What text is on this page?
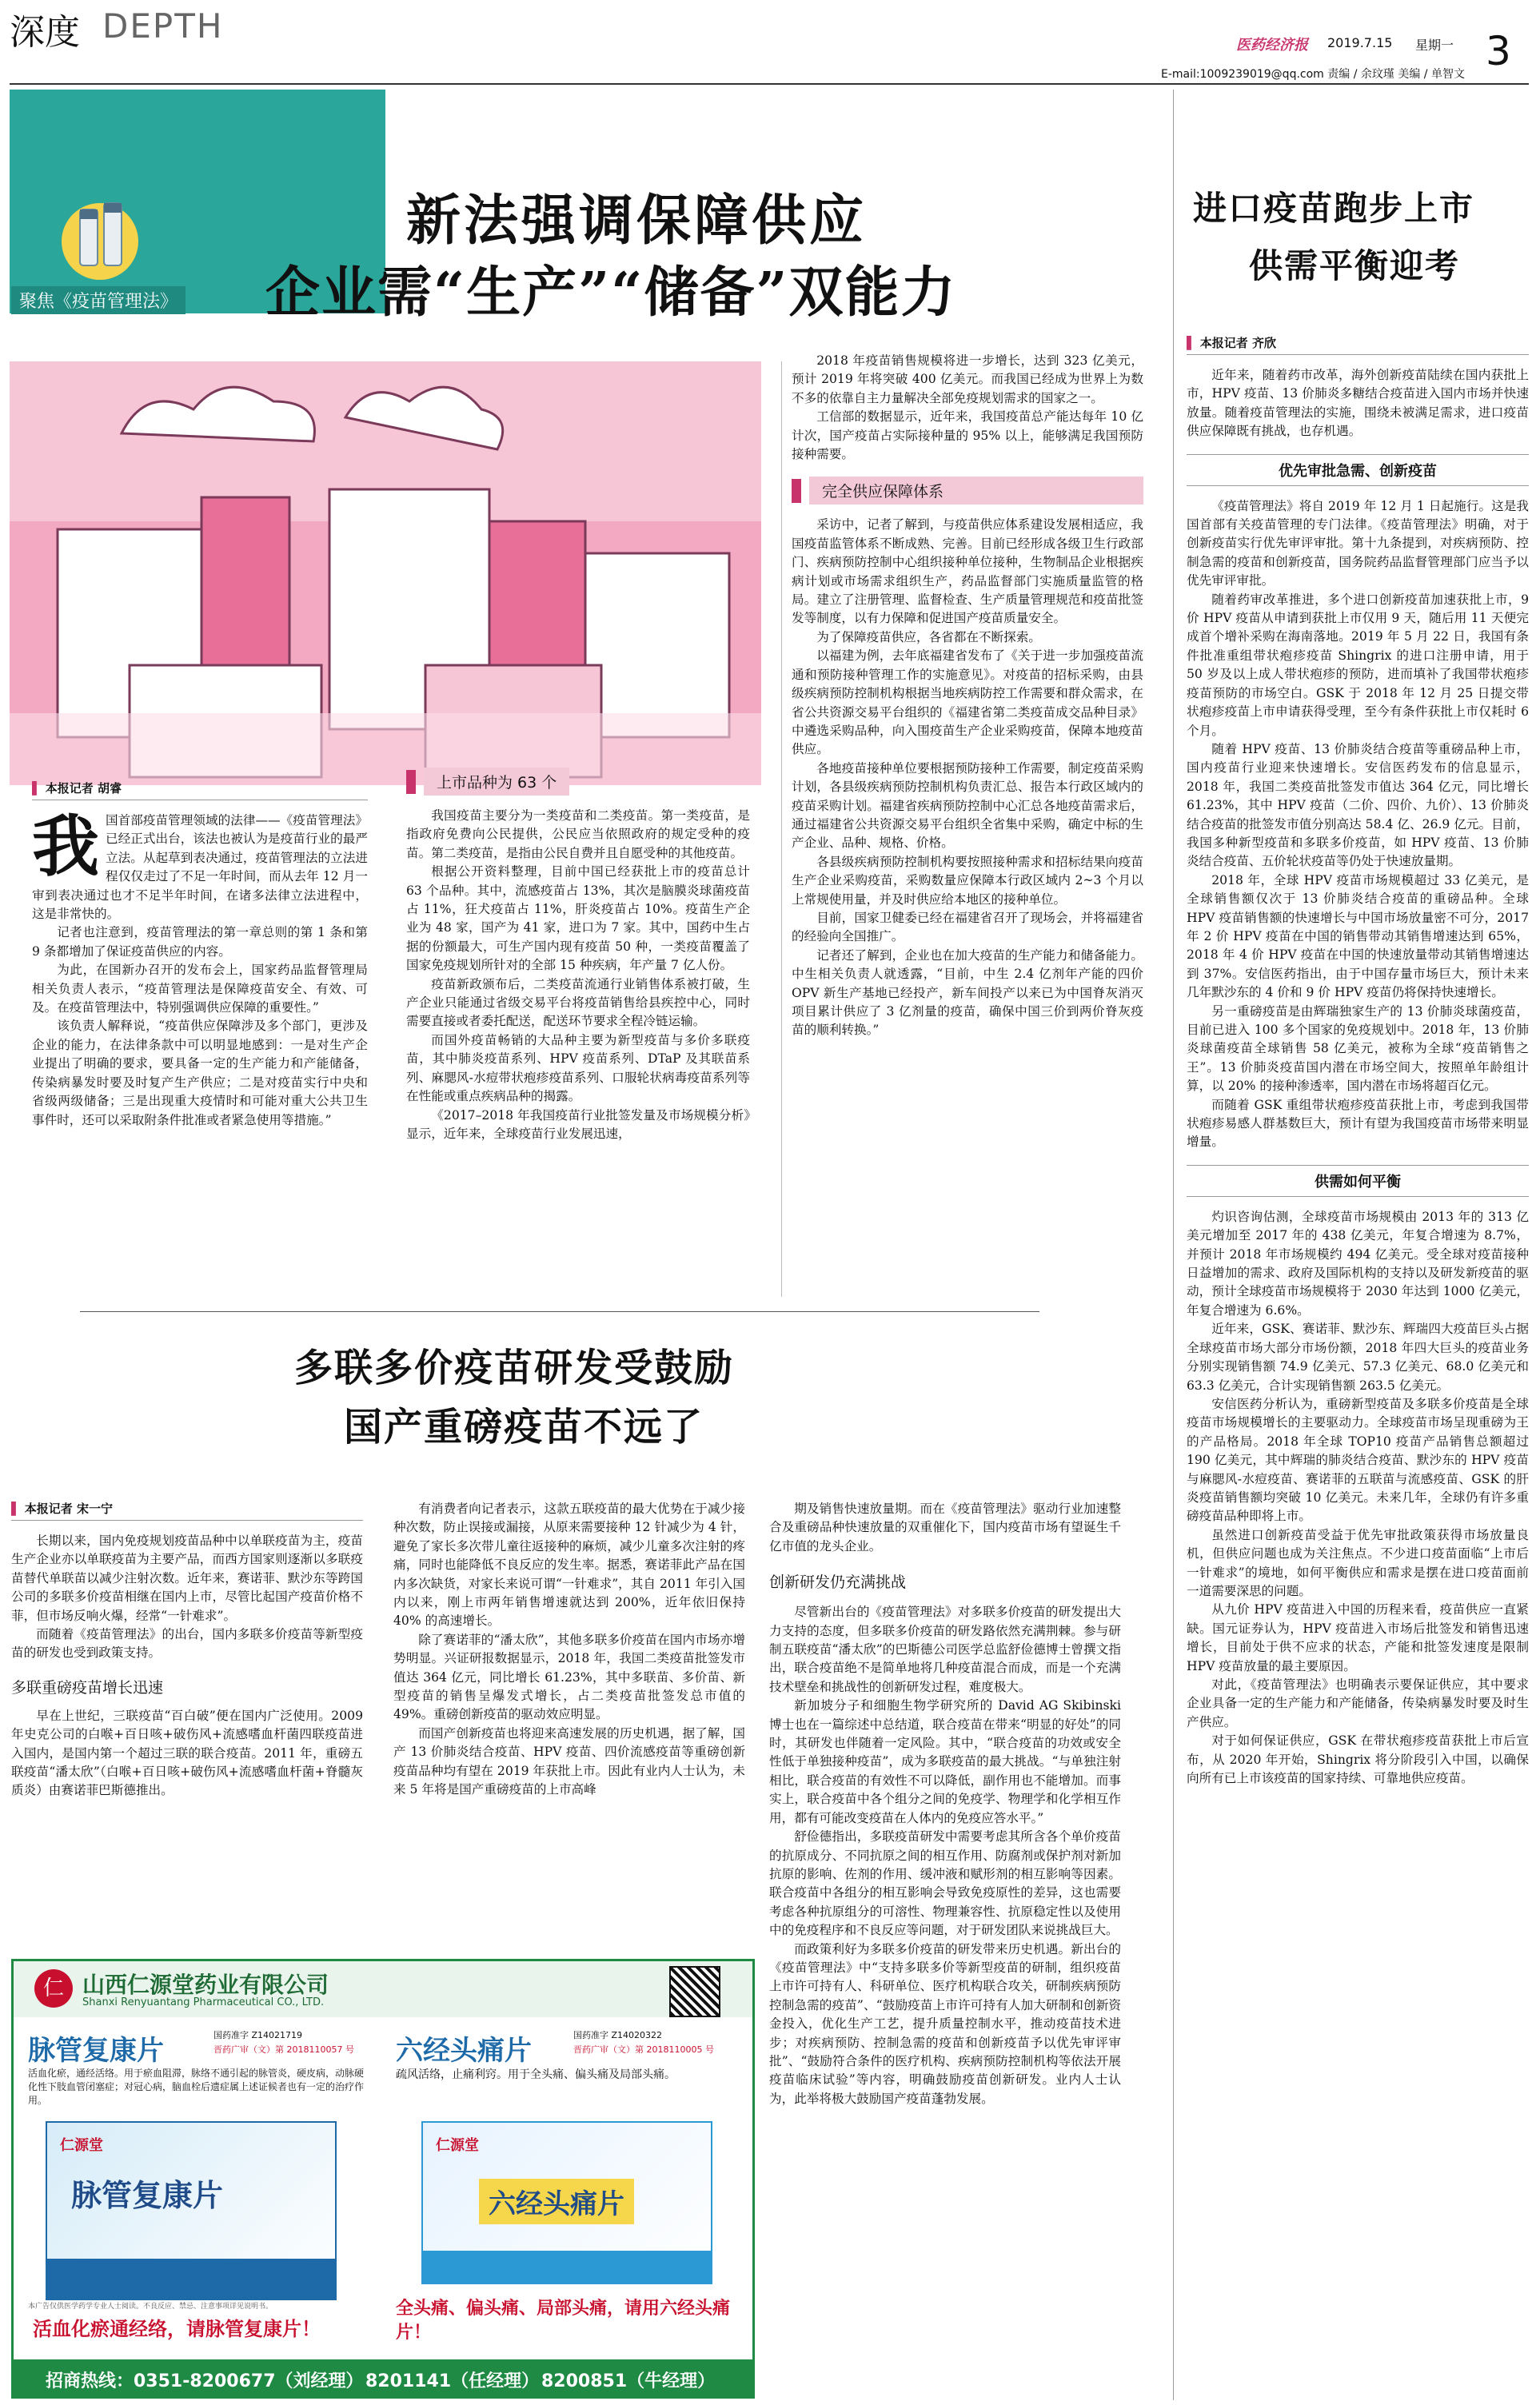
深度 DEPTH	医药经济报 2019.7.15 星期一 3
E-mail:1009239019@qq.com 责编 / 余玟瑾 美编 / 单智文
聚焦《疫苗管理法》
新法强调保障供应
企业需“生产”“储备”双能力
▌ 本报记者 胡睿
我 国首部疫苗管理领域的法律——《疫苗管理法》已经正式出台，该法也被认为是疫苗行业的最严立法。从起草到表决通过，疫苗管理法的立法进程仅仅走过了不足一年时间，而从去年 12 月一审到表决通过也才不足半年时间，在诸多法律立法进程中，这是非常快的。

记者也注意到，疫苗管理法的第一章总则的第 1 条和第 9 条都增加了保证疫苗供应的内容。

为此，在国新办召开的发布会上，国家药品监督管理局相关负责人表示，“疫苗管理法是保障疫苗安全、有效、可及。在疫苗管理法中，特别强调供应保障的重要性。”

该负责人解释说，“疫苗供应保障涉及多个部门，更涉及企业的能力，在法律条款中可以明显地感到：一是对生产企业提出了明确的要求，要具备一定的生产能力和产能储备，传染病暴发时要及时复产生产供应；二是对疫苗实行中央和省级两级储备；三是出现重大疫情时和可能对重大公共卫生事件时，还可以采取附条件批准或者紧急使用等措施。”

上市品种为 63 个

我国疫苗主要分为一类疫苗和二类疫苗。第一类疫苗，是指政府免费向公民提供，公民应当依照政府的规定受种的疫苗。第二类疫苗，是指由公民自费并且自愿受种的其他疫苗。

根据公开资料整理，目前中国已经获批上市的疫苗总计 63 个品种。其中，流感疫苗占 13%，其次是脑膜炎球菌疫苗占 11%，狂犬疫苗占 11%，肝炎疫苗占 10%。疫苗生产企业为 48 家，国产为 41 家，进口为 7 家。其中，国药中生占据的份额最大，可生产国内现有疫苗 50 种，一类疫苗覆盖了国家免疫规划所针对的全部 15 种疾病，年产量 7 亿人份。

疫苗新政颁布后，二类疫苗流通行业销售体系被打破，生产企业只能通过省级交易平台将疫苗销售给县疾控中心，同时需要直接或者委托配送，配送环节要求全程冷链运输。

而国外疫苗畅销的大品种主要为新型疫苗与多价多联疫苗，其中肺炎疫苗系列、HPV 疫苗系列、DTaP 及其联苗系列、麻腮风-水痘带状疱疹疫苗系列、口服轮状病毒疫苗系列等在性能或重点疾病品种的揭露。

《2017–2018 年我国疫苗行业批签发量及市场规模分析》显示，近年来，全球疫苗行业发展迅速，

2018 年疫苗销售规模将进一步增长，达到 323 亿美元，预计 2019 年将突破 400 亿美元。而我国已经成为世界上为数不多的依靠自主力量解决全部免疫规划需求的国家之一。

工信部的数据显示，近年来，我国疫苗总产能达每年 10 亿计次，国产疫苗占实际接种量的 95% 以上，能够满足我国预防接种需要。

完全供应保障体系

采访中，记者了解到，与疫苗供应体系建设发展相适应，我国疫苗监管体系不断成熟、完善。目前已经形成各级卫生行政部门、疾病预防控制中心组织接种单位接种，生物制品企业根据疾病计划或市场需求组织生产，药品监督部门实施质量监管的格局。建立了注册管理、监督检查、生产质量管理规范和疫苗批签发等制度，以有力保障和促进国产疫苗质量安全。

为了保障疫苗供应，各省都在不断探索。

以福建为例，去年底福建省发布了《关于进一步加强疫苗流通和预防接种管理工作的实施意见》。对疫苗的招标采购，由县级疾病预防控制机构根据当地疾病防控工作需要和群众需求，在省公共资源交易平台组织的《福建省第二类疫苗成交品种目录》中遴选采购品种，向入围疫苗生产企业采购疫苗，保障本地疫苗供应。

各地疫苗接种单位要根据预防接种工作需要，制定疫苗采购计划，各县级疾病预防控制机构负责汇总、报告本行政区域内的疫苗采购计划。福建省疾病预防控制中心汇总各地疫苗需求后，通过福建省公共资源交易平台组织全省集中采购，确定中标的生产企业、品种、规格、价格。

各县级疾病预防控制机构要按照接种需求和招标结果向疫苗生产企业采购疫苗，采购数量应保障本行政区域内 2~3 个月以上常规使用量，并及时供应给本地区的接种单位。

目前，国家卫健委已经在福建省召开了现场会，并将福建省的经验向全国推广。

记者还了解到，企业也在加大疫苗的生产能力和储备能力。中生相关负责人就透露，“目前，中生 2.4 亿剂年产能的四价 OPV 新生产基地已经投产，新车间投产以来已为中国脊灰消灭项目累计供应了 3 亿剂量的疫苗，确保中国三价到两价脊灰疫苗的顺利转换。”

进口疫苗跑步上市
供需平衡迎考
▌ 本报记者 齐欣

近年来，随着药市改革，海外创新疫苗陆续在国内获批上市，HPV 疫苗、13 价肺炎多糖结合疫苗进入国内市场并快速放量。随着疫苗管理法的实施，围绕未被满足需求，进口疫苗供应保障既有挑战，也存机遇。

优先审批急需、创新疫苗

《疫苗管理法》将自 2019 年 12 月 1 日起施行。这是我国首部有关疫苗管理的专门法律。《疫苗管理法》明确，对于创新疫苗实行优先审评审批。第十九条提到，对疾病预防、控制急需的疫苗和创新疫苗，国务院药品监督管理部门应当予以优先审评审批。

随着药审改革推进，多个进口创新疫苗加速获批上市，9 价 HPV 疫苗从申请到获批上市仅用 9 天，随后用 11 天便完成首个增补采购在海南落地。2019 年 5 月 22 日，我国有条件批准重组带状疱疹疫苗 Shingrix 的进口注册申请，用于 50 岁及以上成人带状疱疹的预防，进而填补了我国带状疱疹疫苗预防的市场空白。GSK 于 2018 年 12 月 25 日提交带状疱疹疫苗上市申请获得受理，至今有条件获批上市仅耗时 6 个月。

随着 HPV 疫苗、13 价肺炎结合疫苗等重磅品种上市，国内疫苗行业迎来快速增长。安信医药发布的信息显示，2018 年，我国二类疫苗批签发市值达 364 亿元，同比增长 61.23%，其中 HPV 疫苗（二价、四价、九价）、13 价肺炎结合疫苗的批签发市值分别高达 58.4 亿、26.9 亿元。目前，我国多种新型疫苗和多联多价疫苗，如 HPV 疫苗、13 价肺炎结合疫苗、五价轮状疫苗等仍处于快速放量期。

2018 年，全球 HPV 疫苗市场规模超过 33 亿美元，是全球销售额仅次于 13 价肺炎结合疫苗的重磅品种。全球 HPV 疫苗销售额的快速增长与中国市场放量密不可分，2017 年 2 价 HPV 疫苗在中国的销售带动其销售增速达到 65%，2018 年 4 价 HPV 疫苗在中国的快速放量带动其销售增速达到 37%。安信医药指出，由于中国存量市场巨大，预计未来几年默沙东的 4 价和 9 价 HPV 疫苗仍将保持快速增长。

另一重磅疫苗是由辉瑞独家生产的 13 价肺炎球菌疫苗，目前已进入 100 多个国家的免疫规划中。2018 年，13 价肺炎球菌疫苗全球销售 58 亿美元，被称为全球“疫苗销售之王”。13 价肺炎疫苗国内潜在市场空间大，按照单年龄组计算，以 20% 的接种渗透率，国内潜在市场将超百亿元。

而随着 GSK 重组带状疱疹疫苗获批上市，考虑到我国带状疱疹易感人群基数巨大，预计有望为我国疫苗市场带来明显增量。

供需如何平衡

灼识咨询估测，全球疫苗市场规模由 2013 年的 313 亿美元增加至 2017 年的 438 亿美元，年复合增速为 8.7%，并预计 2018 年市场规模约 494 亿美元。受全球对疫苗接种日益增加的需求、政府及国际机构的支持以及研发新疫苗的驱动，预计全球疫苗市场规模将于 2030 年达到 1000 亿美元，年复合增速为 6.6%。

近年来，GSK、赛诺菲、默沙东、辉瑞四大疫苗巨头占据全球疫苗市场大部分市场份额，2018 年四大巨头的疫苗业务分别实现销售额 74.9 亿美元、57.3 亿美元、68.0 亿美元和 63.3 亿美元，合计实现销售额 263.5 亿美元。

安信医药分析认为，重磅新型疫苗及多联多价疫苗是全球疫苗市场规模增长的主要驱动力。全球疫苗市场呈现重磅为王的产品格局。2018 年全球 TOP10 疫苗产品销售总额超过 190 亿美元，其中辉瑞的肺炎结合疫苗、默沙东的 HPV 疫苗与麻腮风-水痘疫苗、赛诺菲的五联苗与流感疫苗、GSK 的肝炎疫苗销售额均突破 10 亿美元。未来几年，全球仍有许多重磅疫苗品种即将上市。

虽然进口创新疫苗受益于优先审批政策获得市场放量良机，但供应问题也成为关注焦点。不少进口疫苗面临“上市后一针难求”的境地，如何平衡供应和需求是摆在进口疫苗面前一道需要深思的问题。

从九价 HPV 疫苗进入中国的历程来看，疫苗供应一直紧缺。国元证券认为，HPV 疫苗进入市场后批签发和销售迅速增长，目前处于供不应求的状态，产能和批签发速度是限制 HPV 疫苗放量的最主要原因。

对此，《疫苗管理法》也明确表示要保证供应，其中要求企业具备一定的生产能力和产能储备，传染病暴发时要及时生产供应。

对于如何保证供应，GSK 在带状疱疹疫苗获批上市后宣布，从 2020 年开始，Shingrix 将分阶段引入中国，以确保向所有已上市该疫苗的国家持续、可靠地供应疫苗。

多联多价疫苗研发受鼓励
国产重磅疫苗不远了
▌ 本报记者 宋一宁

长期以来，国内免疫规划疫苗品种中以单联疫苗为主，疫苗生产企业亦以单联疫苗为主要产品，而西方国家则逐渐以多联疫苗替代单联苗以减少注射次数。近年来，赛诺菲、默沙东等跨国公司的多联多价疫苗相继在国内上市，尽管比起国产疫苗价格不菲，但市场反响火爆，经常“一针难求”。

而随着《疫苗管理法》的出台，国内多联多价疫苗等新型疫苗的研发也受到政策支持。

多联重磅疫苗增长迅速

早在上世纪，三联疫苗“百白破”便在国内广泛使用。2009 年史克公司的白喉+百日咳+破伤风+流感嗜血杆菌四联疫苗进入国内，是国内第一个超过三联的联合疫苗。2011 年，重磅五联疫苗“潘太欣”（白喉+百日咳+破伤风+流感嗜血杆菌+脊髓灰质炎）由赛诺菲巴斯德推出。

有消费者向记者表示，这款五联疫苗的最大优势在于减少接种次数，防止误接或漏接，从原来需要接种 12 针减少为 4 针，避免了家长多次带儿童往返接种的麻烦，减少儿童多次注射的疼痛，同时也能降低不良反应的发生率。据悉，赛诺菲此产品在国内多次缺货，对家长来说可谓“一针难求”，其自 2011 年引入国内以来，刚上市两年销售增速就达到 200%，近年依旧保持 40% 的高速增长。

除了赛诺菲的“潘太欣”，其他多联多价疫苗在国内市场亦增势明显。兴证研报数据显示，2018 年，我国二类疫苗批签发市值达 364 亿元，同比增长 61.23%，其中多联苗、多价苗、新型疫苗的销售呈爆发式增长，占二类疫苗批签发总市值的 49%。重磅创新疫苗的驱动效应明显。

而国产创新疫苗也将迎来高速发展的历史机遇，据了解，国产 13 价肺炎结合疫苗、HPV 疫苗、四价流感疫苗等重磅创新疫苗品种均有望在 2019 年获批上市。因此有业内人士认为，未来 5 年将是国产重磅疫苗的上市高峰

期及销售快速放量期。而在《疫苗管理法》驱动行业加速整合及重磅品种快速放量的双重催化下，国内疫苗市场有望诞生千亿市值的龙头企业。

创新研发仍充满挑战

尽管新出台的《疫苗管理法》对多联多价疫苗的研发提出大力支持的态度，但多联多价疫苗的研发路依然充满荆棘。参与研制五联疫苗“潘太欣”的巴斯德公司医学总监舒俭德博士曾撰文指出，联合疫苗绝不是简单地将几种疫苗混合而成，而是一个充满技术壁垒和挑战性的创新研发过程，难度极大。

新加坡分子和细胞生物学研究所的 David AG Skibinski 博士也在一篇综述中总结道，联合疫苗在带来“明显的好处”的同时，其研发也伴随着一定风险。其中，“联合疫苗的功效或安全性低于单独接种疫苗”，成为多联疫苗的最大挑战。“与单独注射相比，联合疫苗的有效性不可以降低，副作用也不能增加。而事实上，联合疫苗中各个组分之间的免疫学、物理学和化学相互作用，都有可能改变疫苗在人体内的免疫应答水平。”

舒俭德指出，多联疫苗研发中需要考虑其所含各个单价疫苗的抗原成分、不同抗原之间的相互作用、防腐剂或保护剂对新加抗原的影响、佐剂的作用、缓冲液和赋形剂的相互影响等因素。联合疫苗中各组分的相互影响会导致免疫原性的差异，这也需要考虑各种抗原组分的可溶性、物理兼容性、抗原稳定性以及使用中的免疫程序和不良反应等问题，对于研发团队来说挑战巨大。

而政策利好为多联多价疫苗的研发带来历史机遇。新出台的《疫苗管理法》中“支持多联多价等新型疫苗的研制，组织疫苗上市许可持有人、科研单位、医疗机构联合攻关，研制疾病预防控制急需的疫苗”、“鼓励疫苗上市许可持有人加大研制和创新资金投入，优化生产工艺，提升质量控制水平，推动疫苗技术进步；对疾病预防、控制急需的疫苗和创新疫苗予以优先审评审批”、“鼓励符合条件的医疗机构、疾病预防控制机构等依法开展疫苗临床试验”等内容，明确鼓励疫苗创新研发。业内人士认为，此举将极大鼓励国产疫苗蓬勃发展。

仁 山西仁源堂药业有限公司
Shanxi Renyuantang Pharmaceutical CO., LTD.
脉管复康片	国药准字 Z14021719
晋药广审（文）第 2018110057 号
活血化瘀，通经活络。用于瘀血阻滞，脉络不通引起的脉管炎，硬皮病，动脉硬化性下肢血管闭塞症；对冠心病，脑血栓后遗症属上述证候者也有一定的治疗作用。
仁源堂
脉管复康片
活血化瘀通经络，请脉管复康片！
六经头痛片	国药准字 Z14020322
晋药广审（文）第 2018110005 号
疏风活络，止痛利窍。用于全头痛、偏头痛及局部头痛。
仁源堂
六经头痛片
全头痛、偏头痛、局部头痛，请用六经头痛片！
本广告仅供医学药学专业人士阅读。不良反应、禁忌、注意事项详见说明书。
招商热线： 0351-8200677（刘经理） 8201141（任经理） 8200851（牛经理）
